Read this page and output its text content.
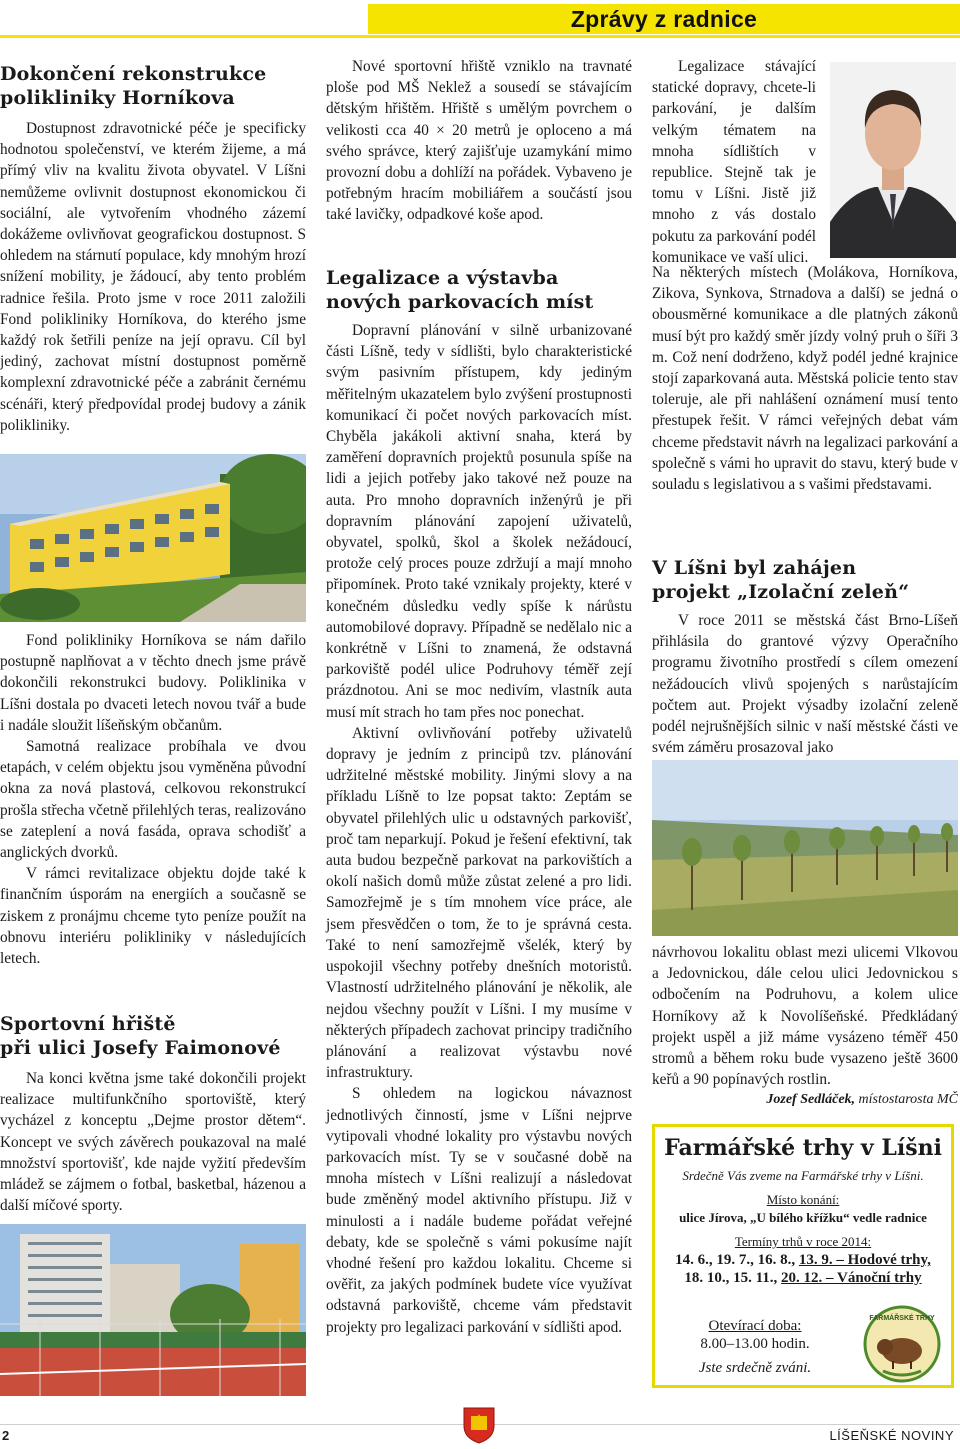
Zprávy z radnice
Dokončení rekonstrukce
polikliniky Horníkova

Dostupnost zdravotnické péče je specificky hodnotou společenství, ve kterém žijeme, a má přímý vliv na kvalitu života obyvatel. V Líšni nemůžeme ovlivnit dostupnost ekonomickou či sociální, ale vytvořením vhodného zázemí dokážeme ovlivňovat geografickou dostupnost. S ohledem na stárnutí populace, kdy mnohým hrozí snížení mobility, je žádoucí, aby tento problém radnice řešila. Proto jsme v roce 2011 založili Fond polikliniky Horníkova, do kterého jsme každý rok šetřili peníze na její opravu. Cíl byl jediný, zachovat místní dostupnost poměrně komplexní zdravotnické péče a zabránit černému scénáři, který předpovídal prodej budovy a zánik polikliniky.

Fond polikliniky Horníkova se nám dařilo postupně naplňovat a v těchto dnech jsme právě dokončili rekonstrukci budovy. Poliklinika v Líšni dostala po dvaceti letech novou tvář a bude i nadále sloužit líšeňským občanům.

Samotná realizace probíhala ve dvou etapách, v celém objektu jsou vyměněna původní okna za nová plastová, celkovou rekonstrukcí prošla střecha včetně přilehlých teras, realizováno se zateplení a nová fasáda, oprava schodišť a anglických dvorků.

V rámci revitalizace objektu dojde také k finančním úsporám na energiích a současně se ziskem z pronájmu chceme tyto peníze použít na obnovu interiéru polikliniky v následujících letech.

Sportovní hřiště
při ulici Josefy Faimonové

Na konci května jsme také dokončili projekt realizace multifunkčního sportoviště, který vycházel z konceptu „Dejme prostor dětem“. Koncept ve svých závěrech poukazoval na malé množství sportovišť, kde najde vyžití především mládež se zájmem o fotbal, basketbal, házenou a další míčové sporty.

Nové sportovní hřiště vzniklo na travnaté ploše pod MŠ Neklež a sousedí se stávajícím dětským hřištěm. Hřiště s umělým povrchem o velikosti cca 40 × 20 metrů je oploceno a má svého správce, který zajišťuje uzamykání mimo provozní dobu a dohlíží na pořádek. Vybaveno je potřebným hracím mobiliářem a součástí jsou také lavičky, odpadkové koše apod.

Legalizace a výstavba
nových parkovacích míst

Dopravní plánování v silně urbanizované části Líšně, tedy v sídlišti, bylo charakteristické svým pasivním přístupem, kdy jediným měřitelným ukazatelem bylo zvýšení prostupnosti komunikací či počet nových parkovacích míst. Chyběla jakákoli aktivní snaha, která by zaměření dopravních projektů posunula spíše na lidi a jejich potřeby jako takové než pouze na auta. Pro mnoho dopravních inženýrů je při dopravním plánování zapojení uživatelů, obyvatel, spolků, škol a školek nežádoucí, protože celý proces pouze zdržují a mají mnoho připomínek. Proto také vznikaly projekty, které v konečném důsledku vedly spíše k nárůstu automobilové dopravy. Případně se nedělalo nic a konkrétně v Líšni to znamená, že odstavná parkoviště podél ulice Podruhovy téměř zejí prázdnotou. Ani se moc nedivím, vlastník auta musí mít strach ho tam přes noc ponechat.

Aktivní ovlivňování potřeby uživatelů dopravy je jedním z principů tzv. plánování udržitelné městské mobility. Jinými slovy a na příkladu Líšně to lze popsat takto: Zeptám se obyvatel přilehlých ulic u odstavných parkovišť, proč tam neparkují. Pokud je řešení efektivní, tak auta budou bezpečně parkovat na parkovištích a okolí našich domů může zůstat zelené a pro lidi. Samozřejmě je s tím mnohem více práce, ale jsem přesvědčen o tom, že to je správná cesta. Také to není samozřejmě všelék, který by uspokojil všechny potřeby dnešních motoristů. Vlastností udržitelného plánování je několik, ale nejdou všechny použít v Líšni. I my musíme v některých případech zachovat principy tradičního plánování a realizovat výstavbu nové infrastruktury.

S ohledem na logickou návaznost jednotlivých činností, jsme v Líšni nejprve vytipovali vhodné lokality pro výstavbu nových parkovacích míst. Ty se v současné době na mnoha místech v Líšni realizují a následovat bude změněný model aktivního přístupu. Již v minulosti a i nadále budeme pořádat veřejné debaty, kde se společně s vámi pokusíme najít vhodné řešení pro každou lokalitu. Chceme si ověřit, za jakých podmínek budete více využívat odstavná parkoviště, chceme vám představit projekty pro legalizaci parkování v sídlišti apod.

Legalizace stávající statické dopravy, chcete-li parkování, je dalším velkým tématem na mnoha sídlištích v republice. Stejně tak je tomu v Líšni. Jistě již mnoho z vás dostalo pokutu za parkování podél komunikace ve vaší ulici.

Na některých místech (Molákova, Horníkova, Zikova, Synkova, Strnadova a další) se jedná o obousměrné komunikace a dle platných zákonů musí být pro každý směr jízdy volný pruh o šíři 3 m. Což není dodrženo, když podél jedné krajnice stojí zaparkovaná auta. Městská policie tento stav toleruje, ale při nahlášení oznámení musí tento přestupek řešit. V rámci veřejných debat vám chceme představit návrh na legalizaci parkování a společně s vámi ho upravit do stavu, který bude v souladu s legislativou a s vašimi představami.

V Líšni byl zahájen
projekt „Izolační zeleň“

V roce 2011 se městská část Brno-Líšeň přihlásila do grantové výzvy Operačního programu životního prostředí s cílem omezení nežádoucích vlivů spojených s narůstajícím počtem aut. Projekt výsadby izolační zeleně podél nejrušnějších silnic v naší městské části ve svém záměru prosazoval jako

návrhovou lokalitu oblast mezi ulicemi Vlkovou a Jedovnickou, dále celou ulici Jedovnickou s odbočením na Podruhovu, a kolem ulice Horníkovy až k Novolíšeňské. Předkládaný projekt uspěl a již máme vysázeno téměř 450 stromů a během roku bude vysazeno ještě 3600 keřů a 90 popínavých rostlin.

Jozef Sedláček, místostarosta MČ

Farmářské trhy v Líšni
Srdečně Vás zveme na Farmářské trhy v Líšni.
Místo konání:
ulice Jírova, „U bílého křížku“ vedle radnice
Termíny trhů v roce 2014:
14. 6., 19. 7., 16. 8., 13. 9. – Hodové trhy,
18. 10., 15. 11., 20. 12. – Vánoční trhy
Otevírací doba:
8.00–13.00 hodin.
Jste srdečně zváni.
FARMÁŘSKÉ TRHY
2	LÍŠEŇSKÉ NOVINY
